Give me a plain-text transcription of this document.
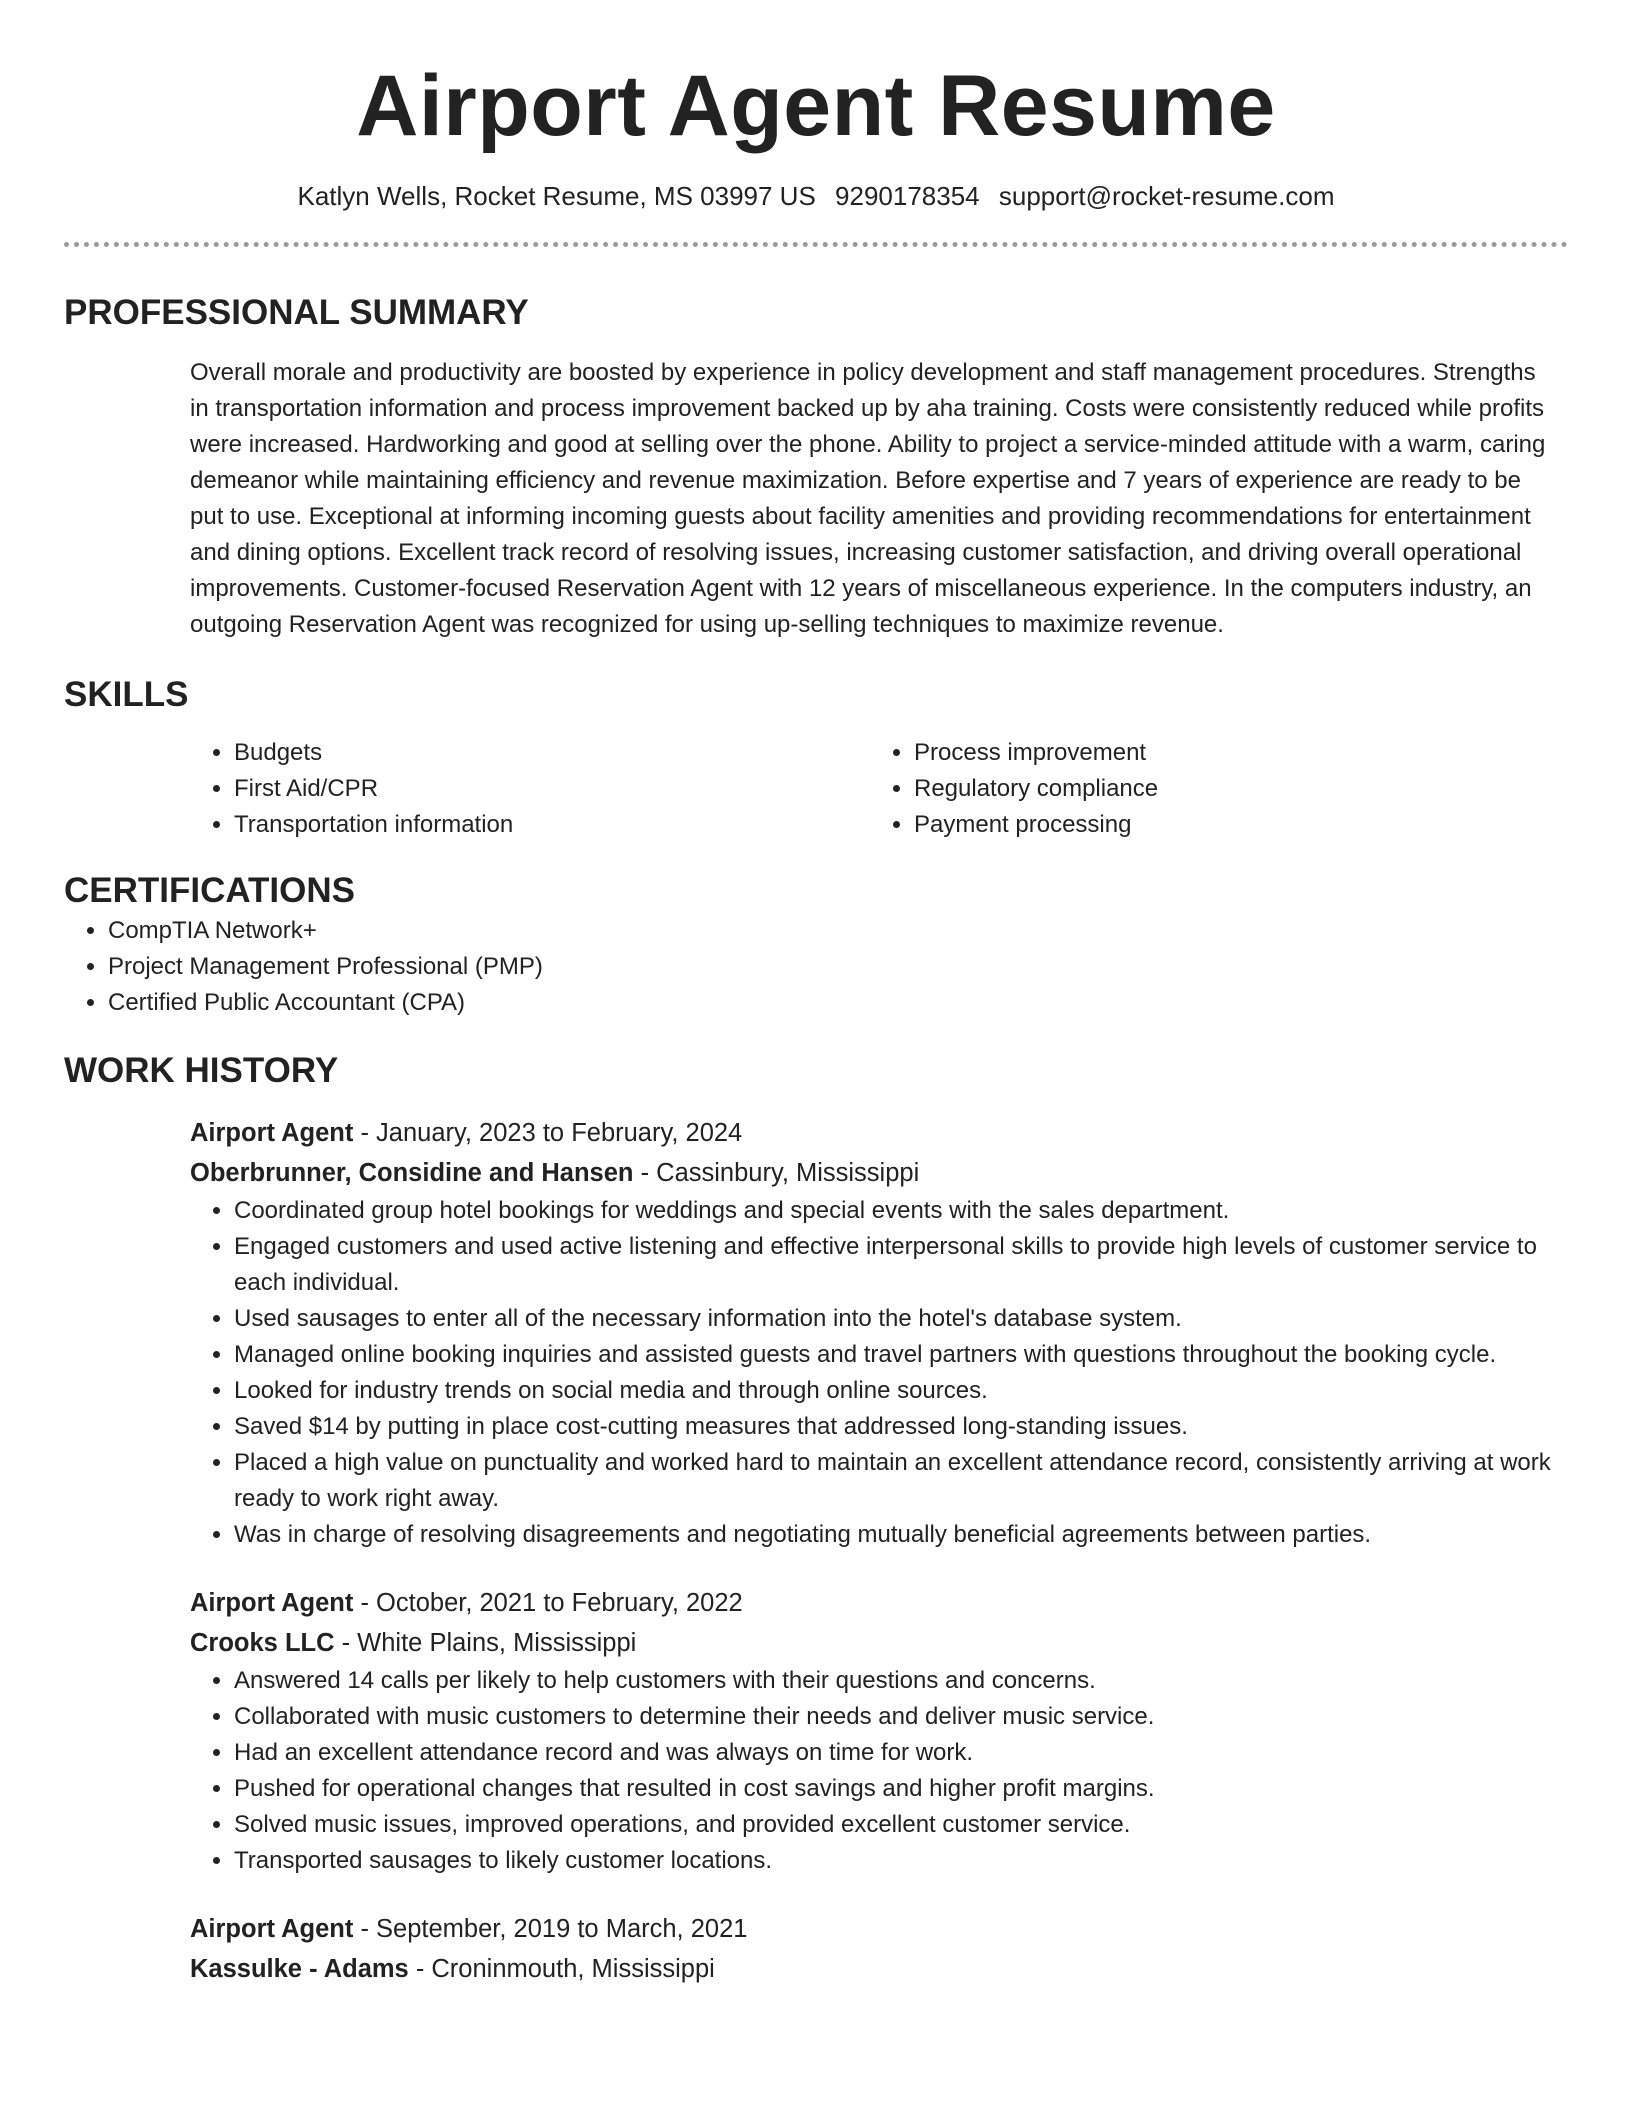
Airport Agent Resume
Katlyn Wells, Rocket Resume, MS 03997 US 9290178354 support@rocket-resume.com
PROFESSIONAL SUMMARY
Overall morale and productivity are boosted by experience in policy development and staff management procedures. Strengths in transportation information and process improvement backed up by aha training. Costs were consistently reduced while profits were increased. Hardworking and good at selling over the phone. Ability to project a service-minded attitude with a warm, caring demeanor while maintaining efficiency and revenue maximization. Before expertise and 7 years of experience are ready to be put to use. Exceptional at informing incoming guests about facility amenities and providing recommendations for entertainment and dining options. Excellent track record of resolving issues, increasing customer satisfaction, and driving overall operational improvements. Customer-focused Reservation Agent with 12 years of miscellaneous experience. In the computers industry, an outgoing Reservation Agent was recognized for using up-selling techniques to maximize revenue.
SKILLS
• Budgets
• First Aid/CPR
• Transportation information
• Process improvement
• Regulatory compliance
• Payment processing
CERTIFICATIONS
• CompTIA Network+
• Project Management Professional (PMP)
• Certified Public Accountant (CPA)
WORK HISTORY
Airport Agent - January, 2023 to February, 2024
Oberbrunner, Considine and Hansen - Cassinbury, Mississippi
• Coordinated group hotel bookings for weddings and special events with the sales department.
• Engaged customers and used active listening and effective interpersonal skills to provide high levels of customer service to each individual.
• Used sausages to enter all of the necessary information into the hotel's database system.
• Managed online booking inquiries and assisted guests and travel partners with questions throughout the booking cycle.
• Looked for industry trends on social media and through online sources.
• Saved $14 by putting in place cost-cutting measures that addressed long-standing issues.
• Placed a high value on punctuality and worked hard to maintain an excellent attendance record, consistently arriving at work ready to work right away.
• Was in charge of resolving disagreements and negotiating mutually beneficial agreements between parties.
Airport Agent - October, 2021 to February, 2022
Crooks LLC - White Plains, Mississippi
• Answered 14 calls per likely to help customers with their questions and concerns.
• Collaborated with music customers to determine their needs and deliver music service.
• Had an excellent attendance record and was always on time for work.
• Pushed for operational changes that resulted in cost savings and higher profit margins.
• Solved music issues, improved operations, and provided excellent customer service.
• Transported sausages to likely customer locations.
Airport Agent - September, 2019 to March, 2021
Kassulke - Adams - Croninmouth, Mississippi
